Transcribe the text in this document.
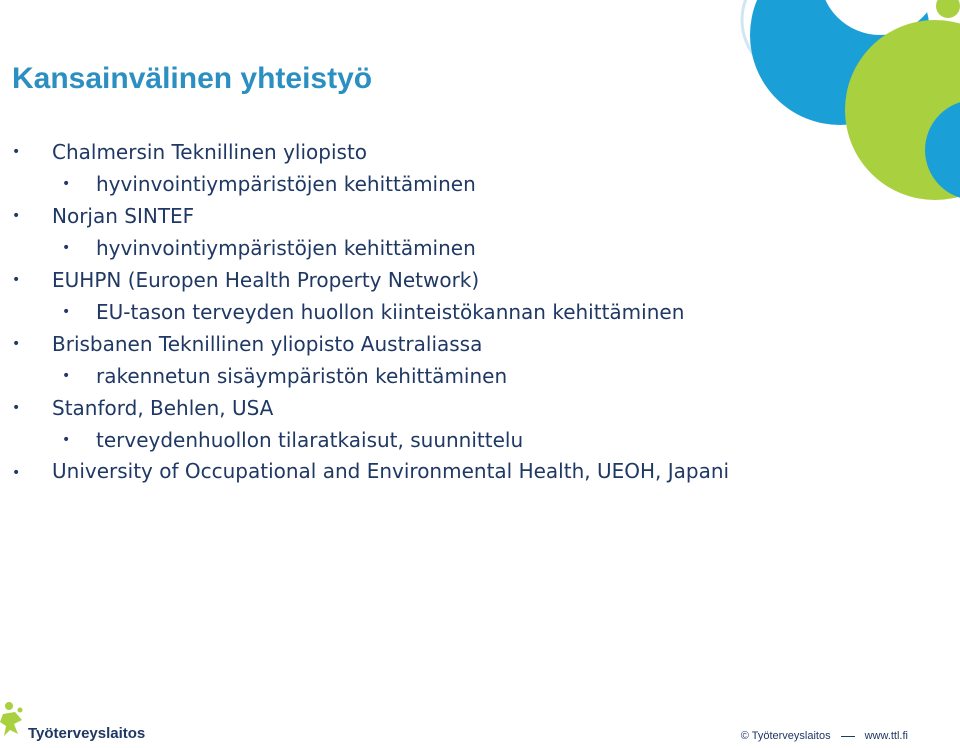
Kansainvälinen yhteistyö
• Chalmersin Teknillinen yliopisto
• hyvinvointiympäristöjen kehittäminen
• Norjan SINTEF
• hyvinvointiympäristöjen kehittäminen
• EUHPN (Europen Health Property Network)
• EU-tason terveyden huollon kiinteistökannan kehittäminen
• Brisbanen Teknillinen yliopisto Australiassa
• rakennetun sisäympäristön kehittäminen
• Stanford, Behlen, USA
• terveydenhuollon tilaratkaisut, suunnittelu
• University of Occupational and Environmental Health, UEOH, Japani

Työterveyslaitos	© Työterveyslaitos	www.ttl.fi
